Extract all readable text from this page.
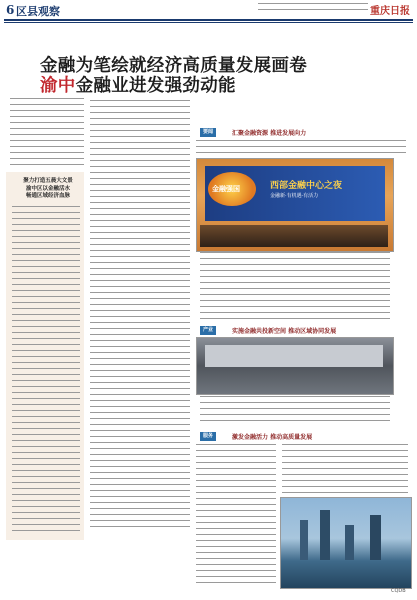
6 区县观察	重庆日报
金融为笔绘就经济高质量发展画卷
渝中金融业进发强劲动能
聚力打造五晨大文景
渝中区以金融活水
畅通区域经济血脉
要闻	汇聚金融资源 推进发展向力
金融强国	西部金融中心之夜
金融新·有机遇·有活力
产业	实施金融共投新空间 推动区域协同发展
服务	激发金融活力 推动高质量发展
CQDB
